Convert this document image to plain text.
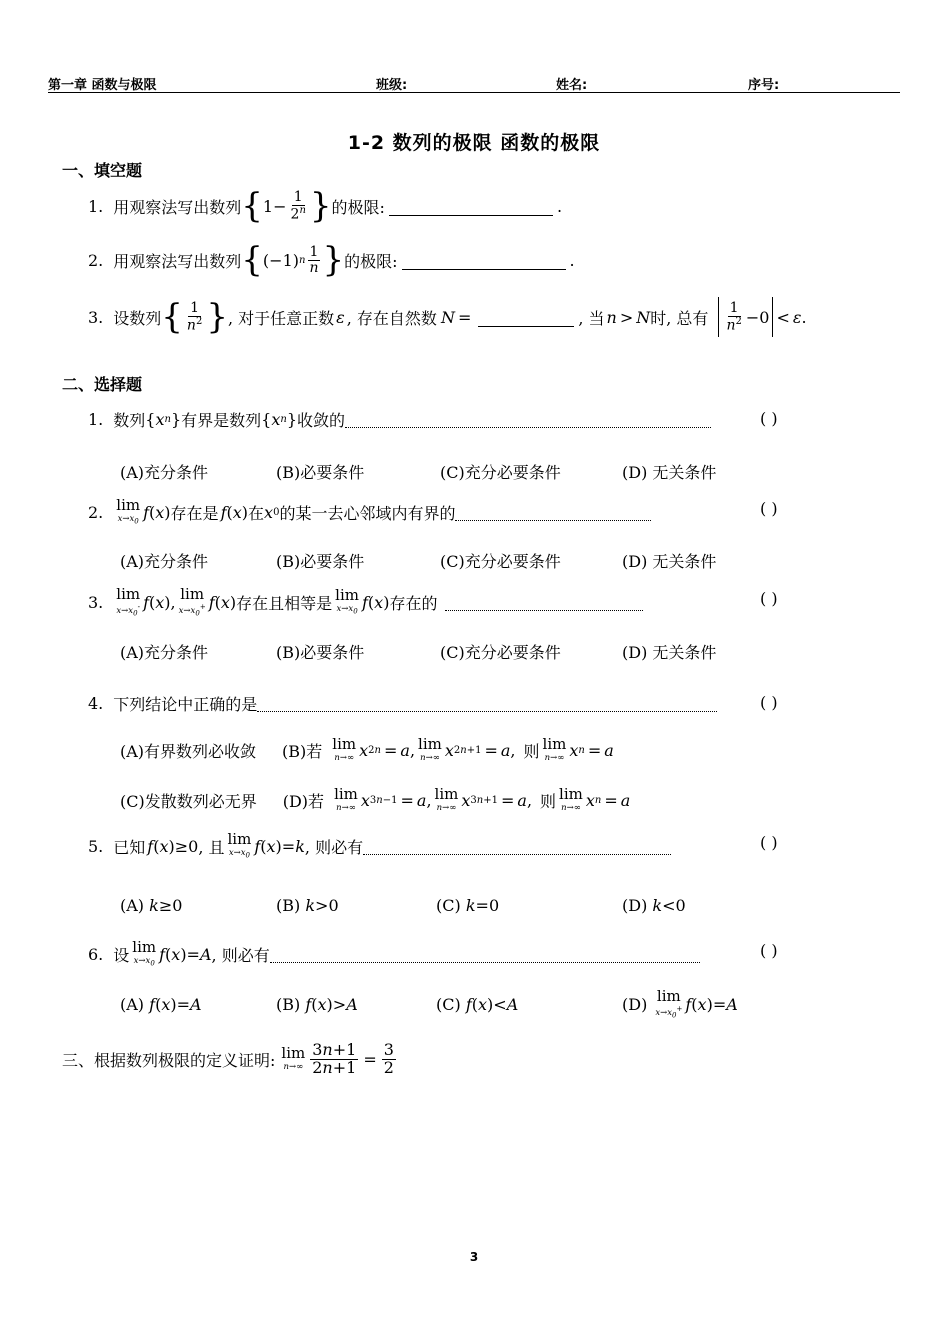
第一章 函数与极限	班级:	姓名:	序号:
1-2 数列的极限 函数的极限
一、填空题
1. 用观察法写出数列 { $1- \frac{1}{2^n}$ } 的极限:	.
2. 用观察法写出数列 { (−1) n $\frac{1}{n}$ } 的极限:	.
3. 设数列 { $\frac{1}{n^2}$ } , 对于任意正数 ε , 存在自然数 N =	, 当 n > N 时, 总有 $\frac{1}{n^2} -0 < \varepsilon$ .
二、选择题
1. 数列 { x n } 有界是数列 { x n } 收敛的	( )
(A)充分条件	(B)必要条件	(C)充分必要条件	(D) 无关条件
2. lim
$x\to x_0$
f ( x ) 存在是 f ( x ) 在 x 0 的某一去心邻域内有界的	( )
(A)充分条件	(B)必要条件	(C)充分必要条件	(D) 无关条件
3. lim
$x\to x_0^-$ f ( x ), lim
$x\to x_0^+$ f ( x ) 存在且相等是 lim
$x\to x_0$
f ( x ) 存在的	( )
(A)充分条件	(B)必要条件	(C)充分必要条件	(D) 无关条件
4. 下列结论中正确的是	( )
(A)有界数列必收敛 (B)若 lim
n→∞ x 2n = a , lim
n→∞ x 2n+1 = a , 则 lim
n→∞ x n = a
(C)发散数列必无界 (D)若 lim
n→∞ x 3n−1 = a , lim
n→∞ x 3n+1 = a , 则 lim
n→∞ x n = a
5. 已知 f ( x )≥0 , 且 lim
$x\to x_0$
f ( x )= k , 则必有	( )
(A) k≥0	(B) k>0	(C) k=0	(D) k<0
6. 设 lim
$x\to x_0$
f ( x )= A , 则必有	( )
(A)
f ( x )= A	(B)
f ( x )> A	(C)
f ( x )< A	(D) lim
$x\to x_0^+$ f ( x )= A
三、根据数列极限的定义证明: lim
$n\to\infty \frac{3n+1}{2n+1} = \frac{3}{2}$
3
